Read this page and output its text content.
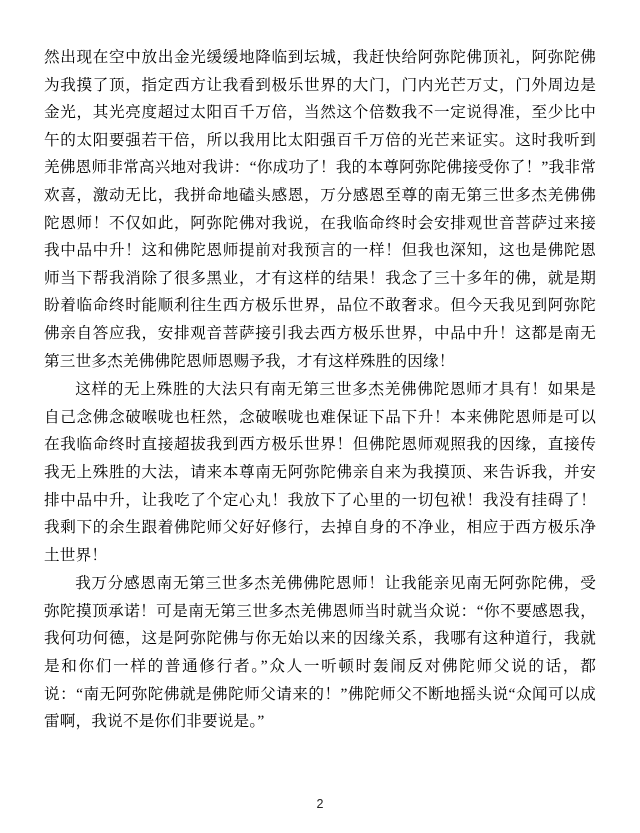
然出现在空中放出金光缓缓地降临到坛城，我赶快给阿弥陀佛顶礼，阿弥陀佛为我摸了顶，指定西方让我看到极乐世界的大门，门内光芒万丈，门外周边是金光，其光亮度超过太阳百千万倍，当然这个倍数我不一定说得准，至少比中午的太阳要强若干倍，所以我用比太阳强百千万倍的光芒来证实。这时我听到羌佛恩师非常高兴地对我讲：“你成功了！我的本尊阿弥陀佛接受你了！”我非常欢喜，激动无比，我拼命地磕头感恩，万分感恩至尊的南无第三世多杰羌佛佛陀恩师！不仅如此，阿弥陀佛对我说，在我临命终时会安排观世音菩萨过来接我中品中升！这和佛陀恩师提前对我预言的一样！但我也深知，这也是佛陀恩师当下帮我消除了很多黑业，才有这样的结果！我念了三十多年的佛，就是期盼着临命终时能顺利往生西方极乐世界，品位不敢奢求。但今天我见到阿弥陀佛亲自答应我，安排观音菩萨接引我去西方极乐世界，中品中升！这都是南无第三世多杰羌佛佛陀恩师恩赐予我，才有这样殊胜的因缘！

这样的无上殊胜的大法只有南无第三世多杰羌佛佛陀恩师才具有！如果是自己念佛念破喉咙也枉然，念破喉咙也难保证下品下升！本来佛陀恩师是可以在我临命终时直接超拔我到西方极乐世界！但佛陀恩师观照我的因缘，直接传我无上殊胜的大法，请来本尊南无阿弥陀佛亲自来为我摸顶、来告诉我，并安排中品中升，让我吃了个定心丸！我放下了心里的一切包袱！我没有挂碍了！我剩下的余生跟着佛陀师父好好修行，去掉自身的不净业，相应于西方极乐净土世界！

我万分感恩南无第三世多杰羌佛佛陀恩师！让我能亲见南无阿弥陀佛，受弥陀摸顶承诺！可是南无第三世多杰羌佛恩师当时就当众说：“你不要感恩我，我何功何德，这是阿弥陀佛与你无始以来的因缘关系，我哪有这种道行，我就是和你们一样的普通修行者。”众人一听顿时轰闹反对佛陀师父说的话，都说：“南无阿弥陀佛就是佛陀师父请来的！”佛陀师父不断地摇头说“众闻可以成雷啊，我说不是你们非要说是。”

2
